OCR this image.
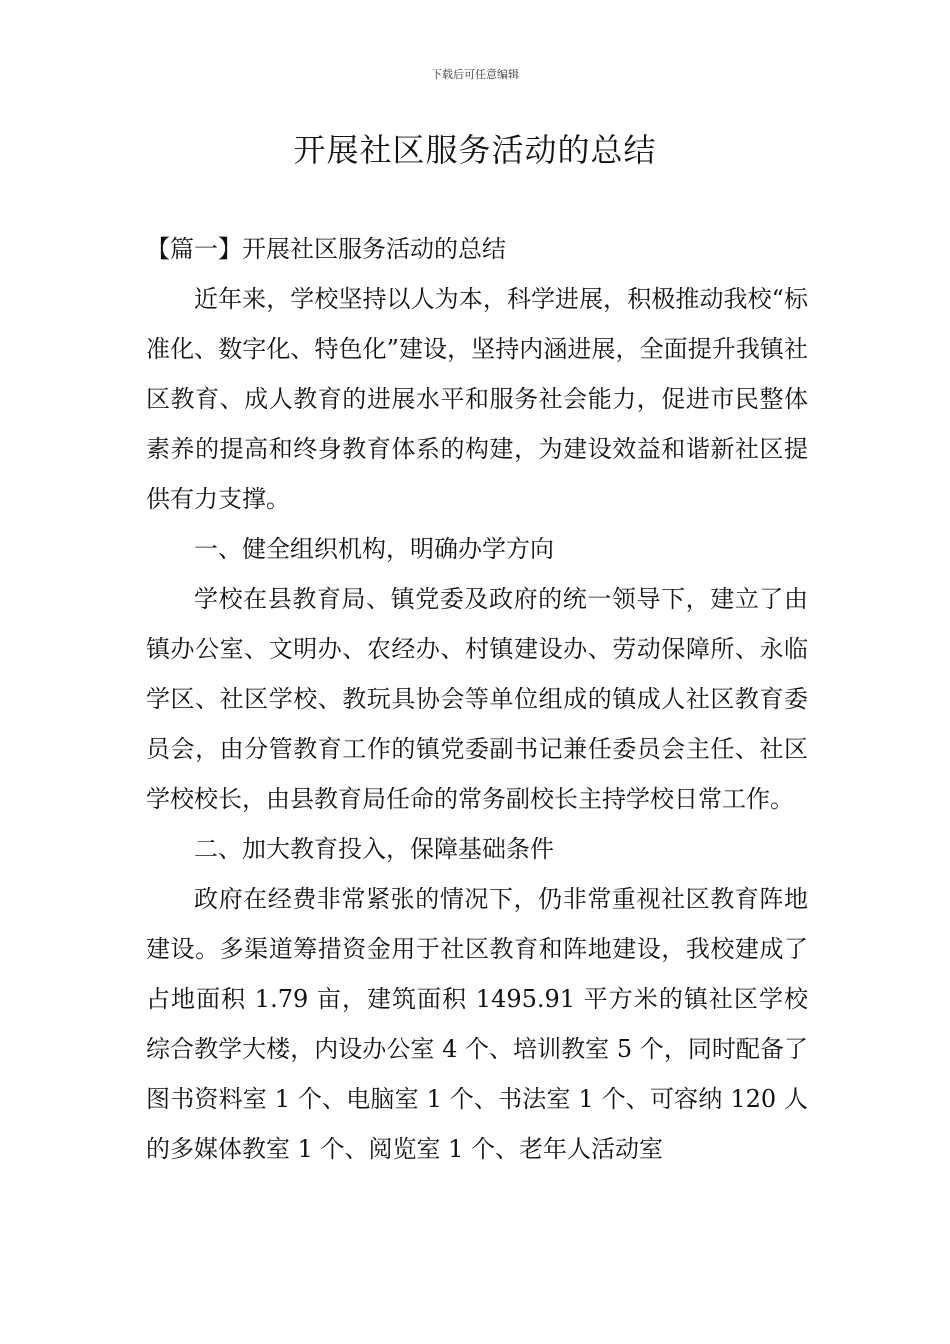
下载后可任意编辑
开展社区服务活动的总结

【篇一】开展社区服务活动的总结

近年来，学校坚持以人为本，科学进展，积极推动我校“标准化、数字化、特色化”建设，坚持内涵进展，全面提升我镇社区教育、成人教育的进展水平和服务社会能力，促进市民整体素养的提高和终身教育体系的构建，为建设效益和谐新社区提供有力支撑。

一、健全组织机构，明确办学方向

学校在县教育局、镇党委及政府的统一领导下，建立了由镇办公室、文明办、农经办、村镇建设办、劳动保障所、永临学区、社区学校、教玩具协会等单位组成的镇成人社区教育委员会，由分管教育工作的镇党委副书记兼任委员会主任、社区学校校长，由县教育局任命的常务副校长主持学校日常工作。

二、加大教育投入，保障基础条件

政府在经费非常紧张的情况下，仍非常重视社区教育阵地建设。多渠道筹措资金用于社区教育和阵地建设，我校建成了占地面积 1.79 亩，建筑面积 1495.91 平方米的镇社区学校综合教学大楼，内设办公室 4 个、培训教室 5 个，同时配备了图书资料室 1 个、电脑室 1 个、书法室 1 个、可容纳 120 人的多媒体教室 1 个、阅览室 1 个、老年人活动室
